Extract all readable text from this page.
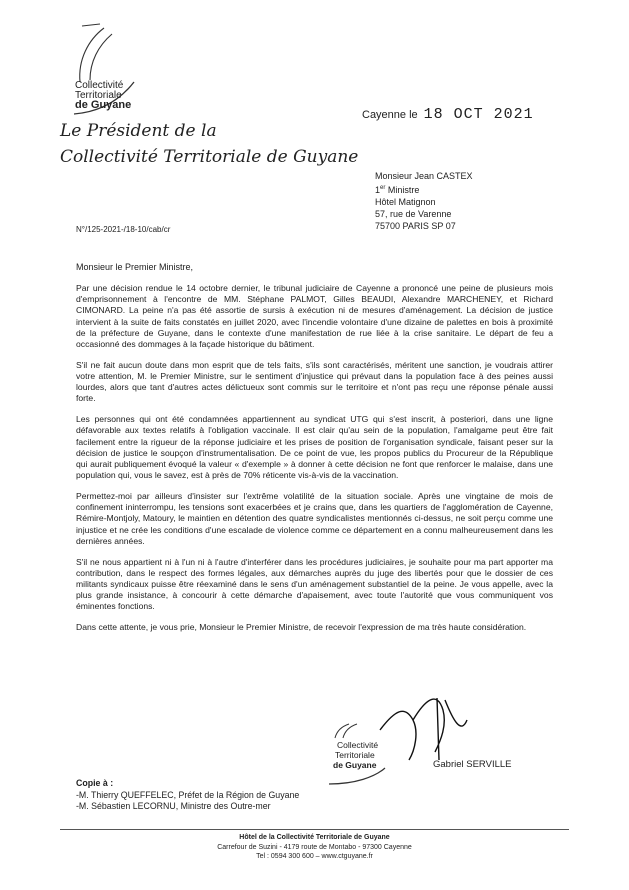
Collectivité
Territoriale
de Guyane
Le Président de la
Collectivité Territoriale de Guyane
Cayenne le 18 OCT 2021
Monsieur Jean CASTEX
1er Ministre
Hôtel Matignon
57, rue de Varenne
75700 PARIS SP 07
N°/125-2021-/18-10/cab/cr
Monsieur le Premier Ministre,

Par une décision rendue le 14 octobre dernier, le tribunal judiciaire de Cayenne a prononcé une peine de plusieurs mois d'emprisonnement à l'encontre de MM. Stéphane PALMOT, Gilles BEAUDI, Alexandre MARCHENEY, et Richard CIMONARD. La peine n'a pas été assortie de sursis à exécution ni de mesures d'aménagement. La décision de justice intervient à la suite de faits constatés en juillet 2020, avec l'incendie volontaire d'une dizaine de palettes en bois à proximité de la préfecture de Guyane, dans le contexte d'une manifestation de rue liée à la crise sanitaire. Le départ de feu a occasionné des dommages à la façade historique du bâtiment.

S'il ne fait aucun doute dans mon esprit que de tels faits, s'ils sont caractérisés, méritent une sanction, je voudrais attirer votre attention, M. le Premier Ministre, sur le sentiment d'injustice qui prévaut dans la population face à des peines aussi lourdes, alors que tant d'autres actes délictueux sont commis sur le territoire et n'ont pas reçu une réponse pénale aussi forte.

Les personnes qui ont été condamnées appartiennent au syndicat UTG qui s'est inscrit, à posteriori, dans une ligne défavorable aux textes relatifs à l'obligation vaccinale. Il est clair qu'au sein de la population, l'amalgame peut être fait facilement entre la rigueur de la réponse judiciaire et les prises de position de l'organisation syndicale, faisant peser sur la décision de justice le soupçon d'instrumentalisation. De ce point de vue, les propos publics du Procureur de la République qui aurait publiquement évoqué la valeur « d'exemple » à donner à cette décision ne font que renforcer le malaise, dans une population qui, vous le savez, est à près de 70% réticente vis-à-vis de la vaccination.

Permettez-moi par ailleurs d'insister sur l'extrême volatilité de la situation sociale. Après une vingtaine de mois de confinement ininterrompu, les tensions sont exacerbées et je crains que, dans les quartiers de l'agglomération de Cayenne, Rémire-Montjoly, Matoury, le maintien en détention des quatre syndicalistes mentionnés ci-dessus, ne soit perçu comme une injustice et ne crée les conditions d'une escalade de violence comme ce département en a connu malheureusement dans les dernières années.

S'il ne nous appartient ni à l'un ni à l'autre d'interférer dans les procédures judiciaires, je souhaite pour ma part apporter ma contribution, dans le respect des formes légales, aux démarches auprès du juge des libertés pour que le dossier de ces militants syndicaux puisse être réexaminé dans le sens d'un aménagement substantiel de la peine. Je vous appelle, avec la plus grande insistance, à concourir à cette démarche d'apaisement, avec toute l'autorité que vous communiquent vos éminentes fonctions.

Dans cette attente, je vous prie, Monsieur le Premier Ministre, de recevoir l'expression de ma très haute considération.

Collectivité
Territoriale
de Guyane	Gabriel SERVILLE
Copie à :
-M. Thierry QUEFFELEC, Préfet de la Région de Guyane
-M. Sébastien LECORNU, Ministre des Outre-mer
Hôtel de la Collectivité Territoriale de Guyane
Carrefour de Suzini - 4179 route de Montabo - 97300 Cayenne
Tel : 0594 300 600 – www.ctguyane.fr
